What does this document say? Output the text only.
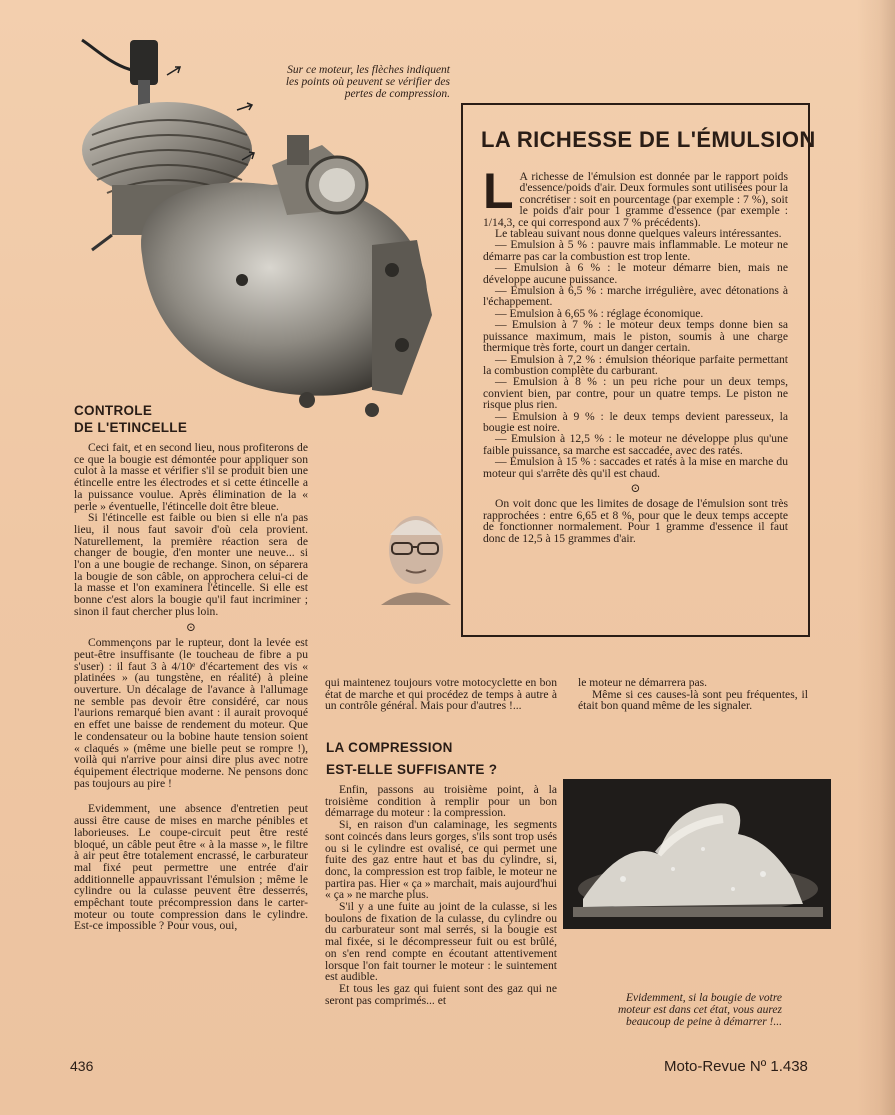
Sur ce moteur, les flèches indiquent les points où peuvent se vérifier des pertes de compression.
LA RICHESSE DE L'ÉMULSION
L A richesse de l'émulsion est donnée par le rapport poids d'essence/poids d'air. Deux formules sont utilisées pour la concrétiser : soit en pourcentage (par exemple : 7 %), soit le poids d'air pour 1 gramme d'essence (par exemple : 1/14,3, ce qui correspond aux 7 % précédents).

Le tableau suivant nous donne quelques valeurs intéressantes.

— Emulsion à 5 % : pauvre mais inflammable. Le moteur ne démarre pas car la combustion est trop lente.

— Emulsion à 6 % : le moteur démarre bien, mais ne développe aucune puissance.

— Emulsion à 6,5 % : marche irrégulière, avec détonations à l'échappement.

— Emulsion à 6,65 % : réglage économique.

— Emulsion à 7 % : le moteur deux temps donne bien sa puissance maximum, mais le piston, soumis à une charge thermique très forte, court un danger certain.

— Emulsion à 7,2 % : émulsion théorique parfaite permettant la combustion complète du carburant.

— Emulsion à 8 % : un peu riche pour un deux temps, convient bien, par contre, pour un quatre temps. Le piston ne risque plus rien.

— Emulsion à 9 % : le deux temps devient paresseux, la bougie est noire.

— Emulsion à 12,5 % : le moteur ne développe plus qu'une faible puissance, sa marche est saccadée, avec des ratés.

— Emulsion à 15 % : saccades et ratés à la mise en marche du moteur qui s'arrête dès qu'il est chaud.

⊙

On voit donc que les limites de dosage de l'émulsion sont très rapprochées : entre 6,65 et 8 %, pour que le deux temps accepte de fonctionner normalement. Pour 1 gramme d'essence il faut donc de 12,5 à 15 grammes d'air.

CONTROLE
DE L'ETINCELLE

Ceci fait, et en second lieu, nous profiterons de ce que la bougie est démontée pour appliquer son culot à la masse et vérifier s'il se produit bien une étincelle entre les électrodes et si cette étincelle a la puissance voulue. Après élimination de la « perle » éventuelle, l'étincelle doit être bleue.

Si l'étincelle est faible ou bien si elle n'a pas lieu, il nous faut savoir d'où cela provient. Naturellement, la première réaction sera de changer de bougie, d'en monter une neuve... si l'on a une bougie de rechange. Sinon, on séparera la bougie de son câble, on approchera celui-ci de la masse et l'on examinera l'étincelle. Si elle est bonne c'est alors la bougie qu'il faut incriminer ; sinon il faut chercher plus loin.

⊙

Commençons par le rupteur, dont la levée est peut-être insuffisante (le toucheau de fibre a pu s'user) : il faut 3 à 4/10ᵉ d'écartement des vis « platinées » (au tungstène, en réalité) à pleine ouverture. Un décalage de l'avance à l'allumage ne semble pas devoir être considéré, car nous l'aurions remarqué bien avant : il aurait provoqué en effet une baisse de rendement du moteur. Que le condensateur ou la bobine haute tension soient « claqués » (même une bielle peut se rompre !), voilà qui n'arrive pour ainsi dire plus avec notre équipement électrique moderne. Ne pensons donc pas toujours au pire !

Evidemment, une absence d'entretien peut aussi être cause de mises en marche pénibles et laborieuses. Le coupe-circuit peut être resté bloqué, un câble peut être « à la masse », le filtre à air peut être totalement encrassé, le carburateur mal fixé peut permettre une entrée d'air additionnelle appauvrissant l'émulsion ; même le cylindre ou la culasse peuvent être desserrés, empêchant toute précompression dans le carter-moteur ou toute compression dans le cylindre. Est-ce impossible ? Pour vous, oui,

qui maintenez toujours votre motocyclette en bon état de marche et qui procédez de temps à autre à un contrôle général. Mais pour d'autres !...

LA COMPRESSION
EST-ELLE SUFFISANTE ?

Enfin, passons au troisième point, à la troisième condition à remplir pour un bon démarrage du moteur : la compression.

Si, en raison d'un calaminage, les segments sont coincés dans leurs gorges, s'ils sont trop usés ou si le cylindre est ovalisé, ce qui permet une fuite des gaz entre haut et bas du cylindre, si, donc, la compression est trop faible, le moteur ne partira pas. Hier « ça » marchait, mais aujourd'hui « ça » ne marche plus.

S'il y a une fuite au joint de la culasse, si les boulons de fixation de la culasse, du cylindre ou du carburateur sont mal serrés, si la bougie est mal fixée, si le décompresseur fuit ou est brûlé, on s'en rend compte en écoutant attentivement lorsque l'on fait tourner le moteur : le suintement est audible.

Et tous les gaz qui fuient sont des gaz qui ne seront pas comprimés... et

le moteur ne démarrera pas.

Même si ces causes-là sont peu fréquentes, il était bon quand même de les signaler.

Evidemment, si la bougie de votre moteur est dans cet état, vous aurez beaucoup de peine à démarrer !...
436	Moto-Revue Nº 1.438
